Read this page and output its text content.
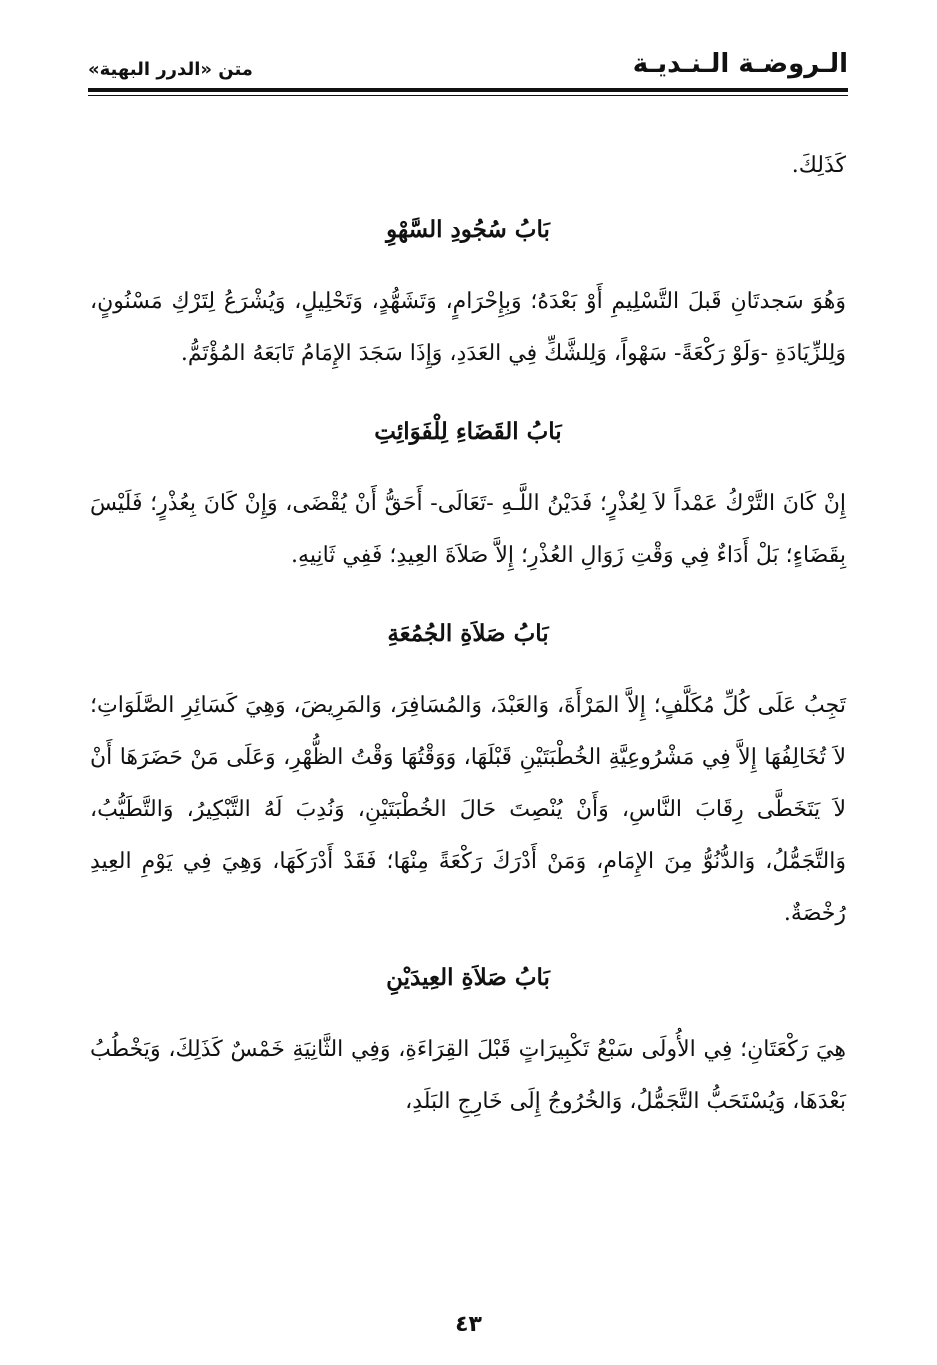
الـروضـة الـنـديـة
متن «الدرر البهية»

كَذَلِكَ.

بَابُ سُجُودِ السَّهْوِ

وَهُوَ سَجدتَانِ قَبلَ التَّسْلِيمِ أَوْ بَعْدَهُ؛ وَبِإِحْرَامٍ، وَتَشَهُّدٍ، وَتَحْلِيلٍ، وَيُشْرَعُ لِتَرْكِ مَسْنُونٍ، وَلِلزِّيَادَةِ -وَلَوْ رَكْعَةً- سَهْواً، وَلِلشَّكِّ فِي العَدَدِ، وَإِذَا سَجَدَ الإِمَامُ تَابَعَهُ المُؤْتَمُّ.

بَابُ القَضَاءِ لِلْفَوَائِتِ

إِنْ كَانَ التَّرْكُ عَمْداً لاَ لِعُذْرٍ؛ فَدَيْنُ اللَّـهِ -تَعَالَى- أَحَقُّ أَنْ يُقْضَى، وَإِنْ كَانَ بِعُذْرٍ؛ فَلَيْسَ بِقَضَاءٍ؛ بَلْ أَدَاءٌ فِي وَقْتِ زَوَالِ العُذْرِ؛ إِلاَّ صَلاَةَ العِيدِ؛ فَفِي ثَانِيهِ.

بَابُ صَلاَةِ الجُمُعَةِ

تَجِبُ عَلَى كُلِّ مُكَلَّفٍ؛ إِلاَّ المَرْأَةَ، وَالعَبْدَ، وَالمُسَافِرَ، وَالمَرِيضَ، وَهِيَ كَسَائِرِ الصَّلَوَاتِ؛ لاَ تُخَالِفُهَا إِلاَّ فِي مَشْرُوعِيَّةِ الخُطْبَتَيْنِ قَبْلَهَا، وَوَقْتُهَا وَقْتُ الظُّهْرِ، وَعَلَى مَنْ حَضَرَهَا أَنْ لاَ يَتَخَطَّى رِقَابَ النَّاسِ، وَأَنْ يُنْصِتَ حَالَ الخُطْبَتَيْنِ، وَنُدِبَ لَهُ التَّبْكِيرُ، وَالتَّطَيُّبُ، وَالتَّجَمُّلُ، وَالدُّنُوُّ مِنَ الإِمَامِ، وَمَنْ أَدْرَكَ رَكْعَةً مِنْهَا؛ فَقَدْ أَدْرَكَهَا، وَهِيَ فِي يَوْمِ العِيدِ رُخْصَةٌ.

بَابُ صَلاَةِ العِيدَيْنِ

هِيَ رَكْعَتَانِ؛ فِي الأُولَى سَبْعُ تَكْبِيرَاتٍ قَبْلَ القِرَاءَةِ، وَفِي الثَّانِيَةِ خَمْسٌ كَذَلِكَ، وَيَخْطُبُ بَعْدَهَا، وَيُسْتَحَبُّ التَّجَمُّلُ، وَالخُرُوجُ إِلَى خَارِجِ البَلَدِ،

٤٣
